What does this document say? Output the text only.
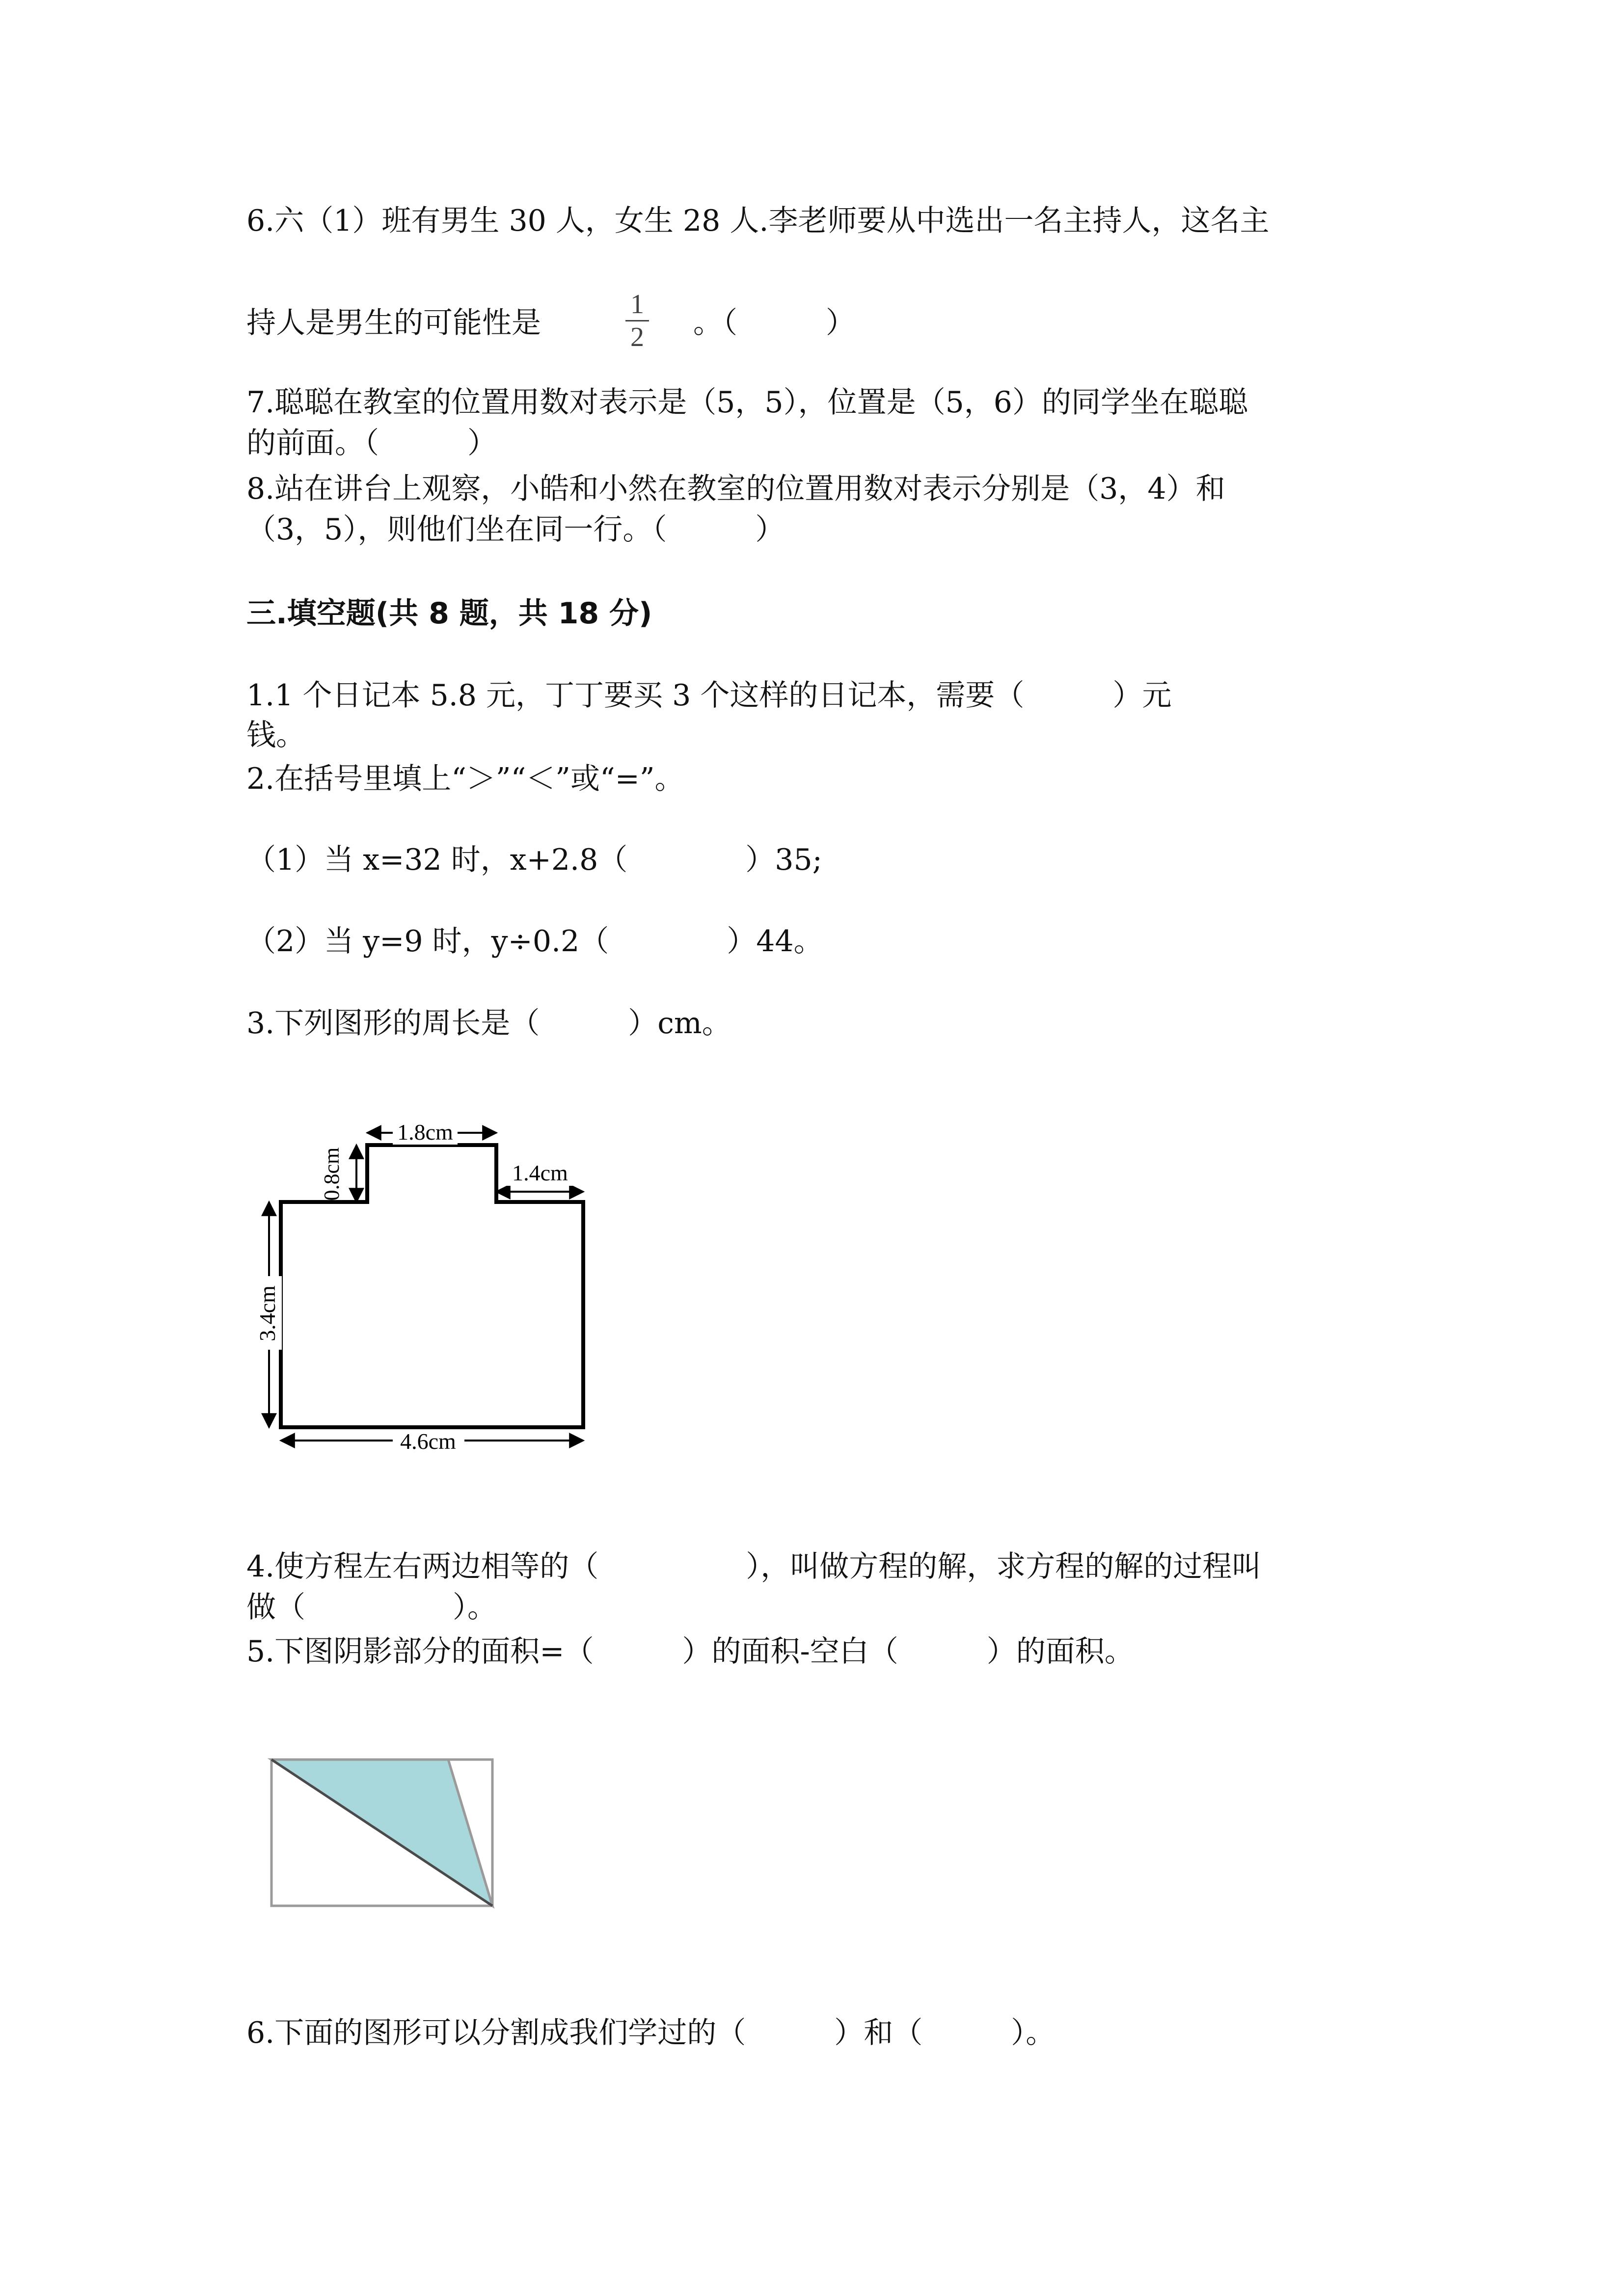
6.六（1）班有男生 30 人，女生 28 人.李老师要从中选出一名主持人，这名主
持人是男生的可能性是
1
2 。（　　　）
7.聪聪在教室的位置用数对表示是（5，5），位置是（5，6）的同学坐在聪聪
的前面。（　　　）
8.站在讲台上观察，小皓和小然在教室的位置用数对表示分别是（3，4）和
（3，5），则他们坐在同一行。（　　　）
三.填空题(共 8 题，共 18 分)
1.1 个日记本 5.8 元，丁丁要买 3 个这样的日记本，需要（　　　）元
钱。
2.在括号里填上“＞”“＜”或“=”。
（1）当 x=32 时，x+2.8（　　　　）35;
（2）当 y=9 时，y÷0.2（　　　　）44。
3.下列图形的周长是（　　　）cm。
1.8cm
0.8cm	1.4cm
3.4cm
4.6cm
4.使方程左右两边相等的（　　　　　），叫做方程的解，求方程的解的过程叫
做（　　　　　）。
5.下图阴影部分的面积=（　　　）的面积-空白（　　　）的面积。
6.下面的图形可以分割成我们学过的（　　　）和（　　　）。
